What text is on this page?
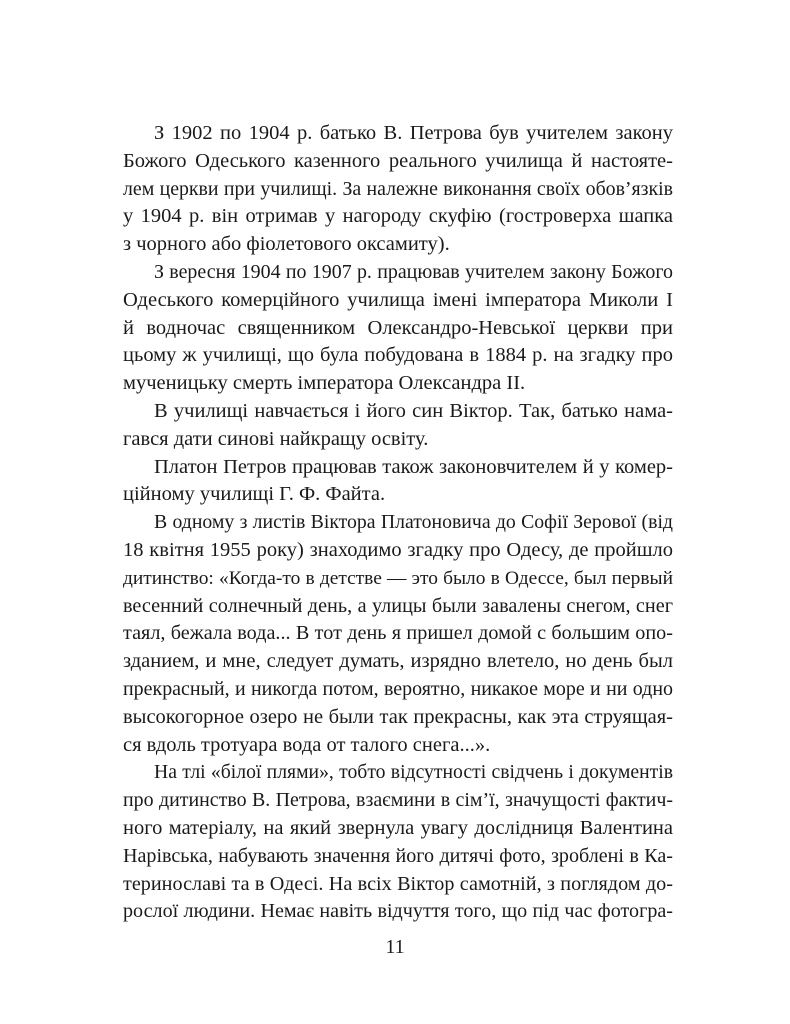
З 1902 по 1904 р. батько В. Петрова був учителем закону
Божого Одеського казенного реального училища й настояте-
лем церкви при училищі. За належне виконання своїх обов’язків
у 1904 р. він отримав у нагороду скуфію (гостроверха шапка
з чорного або фіолетового оксамиту).

З вересня 1904 по 1907 р. працював учителем закону Божого
Одеського комерційного училища імені імператора Миколи I
й водночас священником Олександро-Невської церкви при
цьому ж училищі, що була побудована в 1884 р. на згадку про
мученицьку смерть імператора Олександра II.

В училищі навчається і його син Віктор. Так, батько нама-
гався дати синові найкращу освіту.

Платон Петров працював також законовчителем й у комер-
ційному училищі Г. Ф. Файта.

В одному з листів Віктора Платоновича до Софії Зерової (від
18 квітня 1955 року) знаходимо згадку про Одесу, де пройшло
дитинство: «Когда-то в детстве — это было в Одессе, был первый
весенний солнечный день, а улицы были завалены снегом, снег
таял, бежала вода... В тот день я пришел домой с большим опо-
зданием, и мне, следует думать, изрядно влетело, но день был
прекрасный, и никогда потом, вероятно, никакое море и ни одно
высокогорное озеро не были так прекрасны, как эта струящая-
ся вдоль тротуара вода от талого снега...».

На тлі «білої плями», тобто відсутності свідчень і документів
про дитинство В. Петрова, взаємини в сім’ї, значущості фактич-
ного матеріалу, на який звернула увагу дослідниця Валентина
Нарівська, набувають значення його дитячі фото, зроблені в Ка-
теринославі та в Одесі. На всіх Віктор самотній, з поглядом до-
рослої людини. Немає навіть відчуття того, що під час фотогра-

11
